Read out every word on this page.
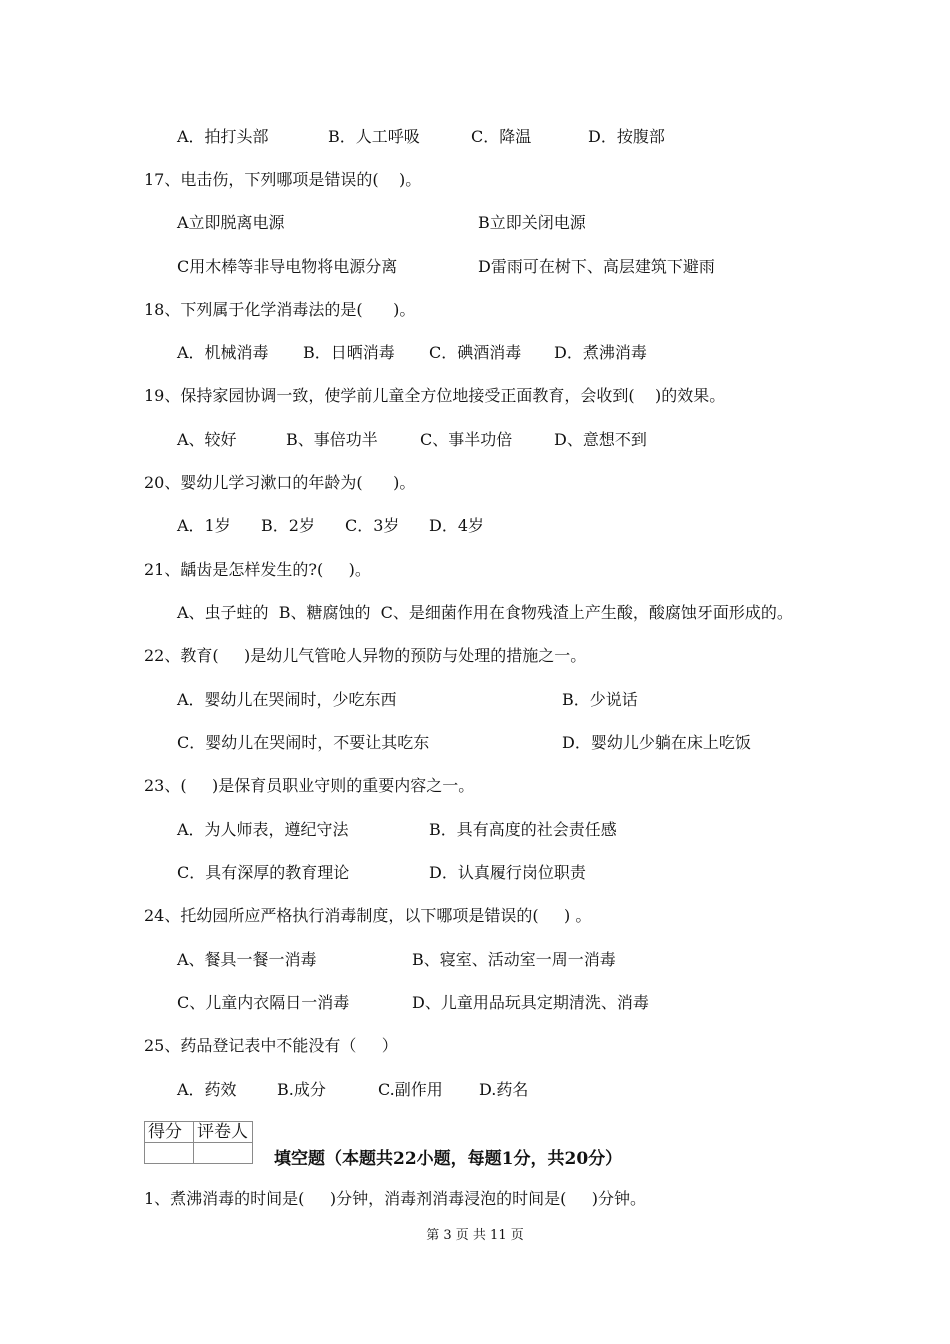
A．拍打头部	B．人工呼吸	C．降温	D．按腹部
17、电击伤，下列哪项是错误的(    )。
A立即脱离电源	B立即关闭电源
C用木棒等非导电物将电源分离	D雷雨可在树下、高层建筑下避雨
18、下列属于化学消毒法的是(      )。
A．机械消毒 B．日晒消毒 C．碘酒消毒 D．煮沸消毒
19、保持家园协调一致，使学前儿童全方位地接受正面教育，会收到(    )的效果。
A、较好	B、事倍功半	C、事半功倍	D、意想不到
20、婴幼儿学习漱口的年龄为(      )。
A．1岁 B．2岁 C．3岁 D．4岁
21、龋齿是怎样发生的?(     )。
A、虫子蛀的  B、糖腐蚀的  C、是细菌作用在食物残渣上产生酸，酸腐蚀牙面形成的。
22、教育(     )是幼儿气管呛人异物的预防与处理的措施之一。
A．婴幼儿在哭闹时，少吃东西	B．少说话
C．婴幼儿在哭闹时，不要让其吃东	D．婴幼儿少躺在床上吃饭
23、(     )是保育员职业守则的重要内容之一。
A．为人师表，遵纪守法	B．具有高度的社会责任感
C．具有深厚的教育理论	D．认真履行岗位职责
24、托幼园所应严格执行消毒制度，以下哪项是错误的(     ) 。
A、餐具一餐一消毒	B、寝室、活动室一周一消毒
C、儿童内衣隔日一消毒	D、儿童用品玩具定期清洗、消毒
25、药品登记表中不能没有（     ）
A．药效	B.成分	C.副作用 D.药名
得分	评卷人

填空题（本题共22小题，每题1分，共20分）
1、煮沸消毒的时间是(     )分钟，消毒剂消毒浸泡的时间是(     )分钟。
第 3 页 共 11 页
